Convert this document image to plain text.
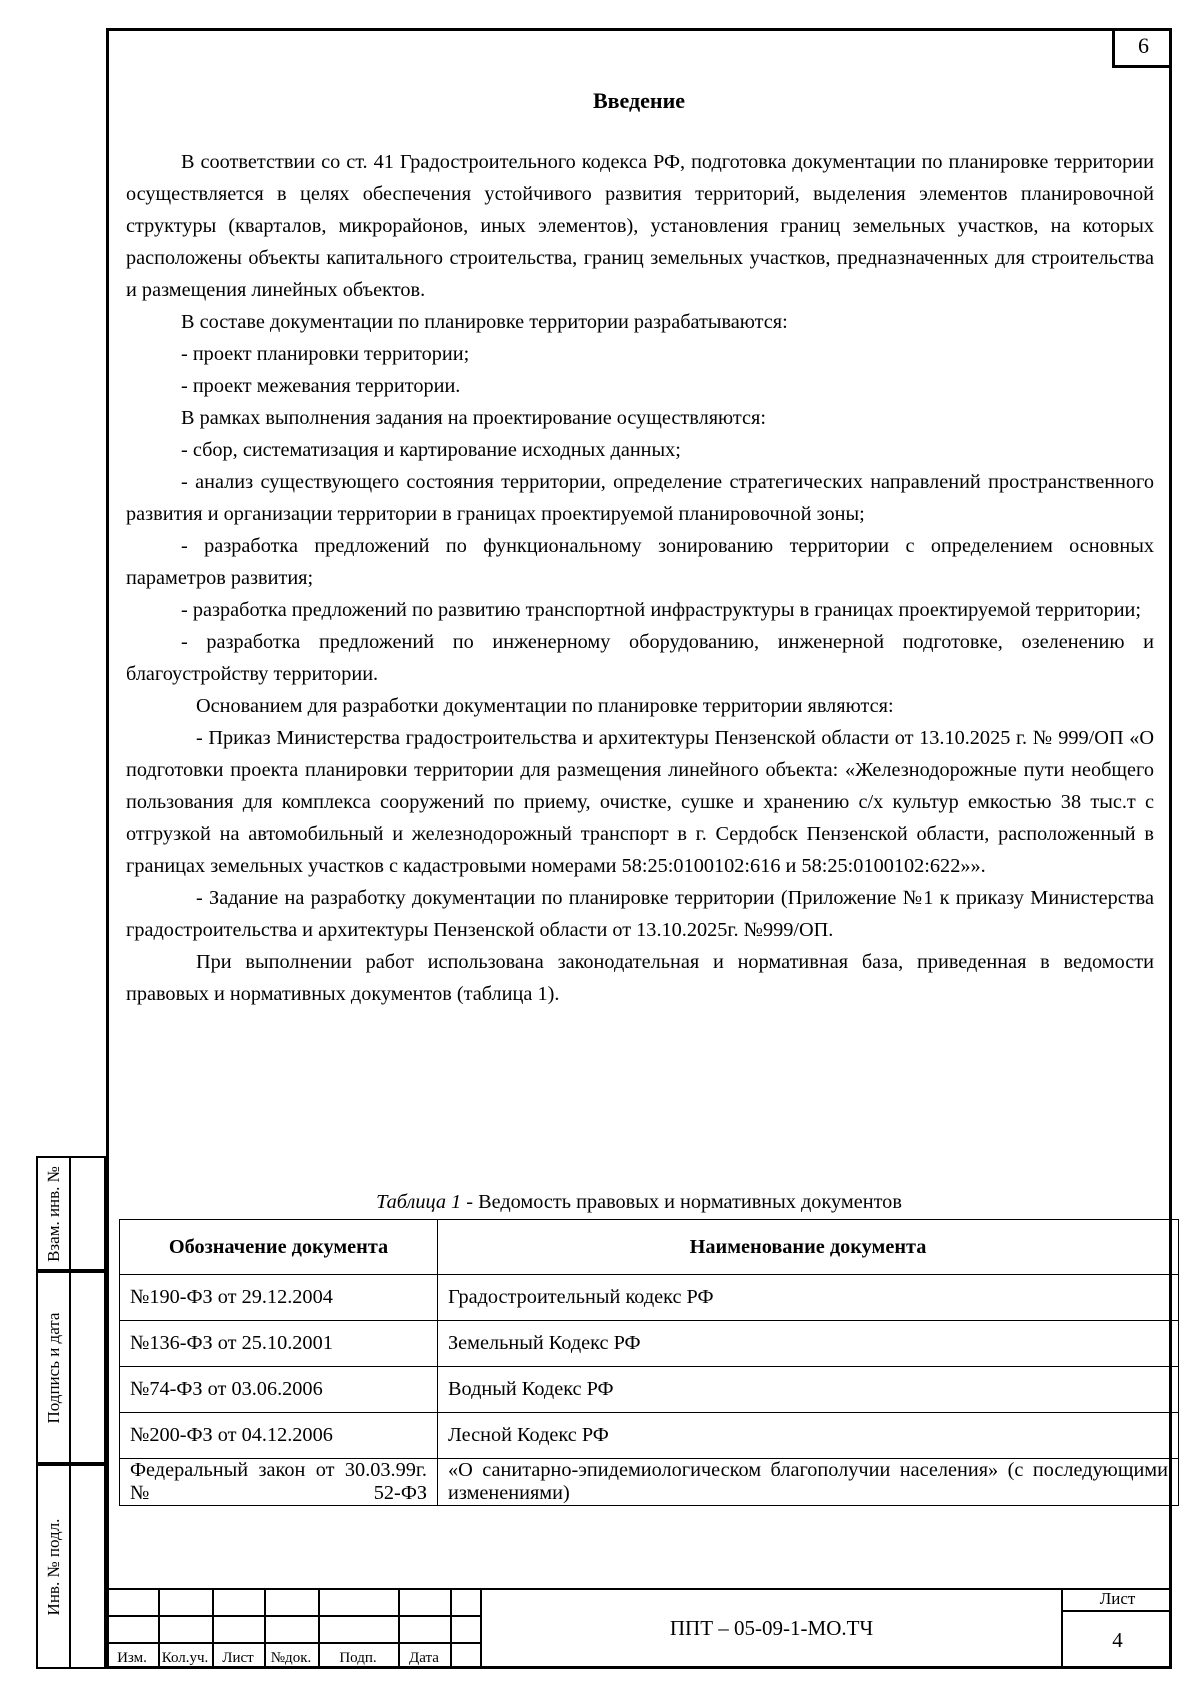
6
Введение

В соответствии со ст. 41 Градостроительного кодекса РФ, подготовка документации по планировке территории осуществляется в целях обеспечения устойчивого развития территорий, выделения элементов планировочной структуры (кварталов, микрорайонов, иных элементов), установления границ земельных участков, на которых расположены объекты капитального строительства, границ земельных участков, предназначенных для строительства и размещения линейных объектов.

В составе документации по планировке территории разрабатываются:

- проект планировки территории;

- проект межевания территории.

В рамках выполнения задания на проектирование осуществляются:

- сбор, систематизация и картирование исходных данных;

- анализ существующего состояния территории, определение стратегических направлений пространственного развития и организации территории в границах проектируемой планировочной зоны;

- разработка предложений по функциональному зонированию территории с определением основных параметров развития;

- разработка предложений по развитию транспортной инфраструктуры в границах проектируемой территории;

- разработка предложений по инженерному оборудованию, инженерной подготовке, озеленению и благоустройству территории.

Основанием для разработки документации по планировке территории являются:

- Приказ Министерства градостроительства и архитектуры Пензенской области от 13.10.2025 г. № 999/ОП «О подготовки проекта планировки территории для размещения линейного объекта: «Железнодорожные пути необщего пользования для комплекса сооружений по приему, очистке, сушке и хранению с/х культур емкостью 38 тыс.т с отгрузкой на автомобильный и железнодорожный транспорт в г. Сердобск Пензенской области, расположенный в границах земельных участков с кадастровыми номерами 58:25:0100102:616 и 58:25:0100102:622»».

- Задание на разработку документации по планировке территории (Приложение №1 к приказу Министерства градостроительства и архитектуры Пензенской области от 13.10.2025г. №999/ОП.

При выполнении работ использована законодательная и нормативная база, приведенная в ведомости правовых и нормативных документов (таблица 1).

Таблица 1 - Ведомость правовых и нормативных документов
Обозначение документа	Наименование документа
№190-ФЗ от 29.12.2004	Градостроительный кодекс РФ
№136-ФЗ от 25.10.2001	Земельный Кодекс РФ
№74-ФЗ от 03.06.2006	Водный Кодекс РФ
№200-ФЗ от 04.12.2006	Лесной Кодекс РФ
Федеральный закон от 30.03.99г. № 52-ФЗ	«О санитарно-эпидемиологическом благополучии населения» (с последующими изменениями)
Взам. инв. №
Подпись и дата
Инв. № подл.
Изм. Кол.уч. Лист	№док.	Подп.	Дата
ППТ – 05-09-1-МО.ТЧ
Лист
4
